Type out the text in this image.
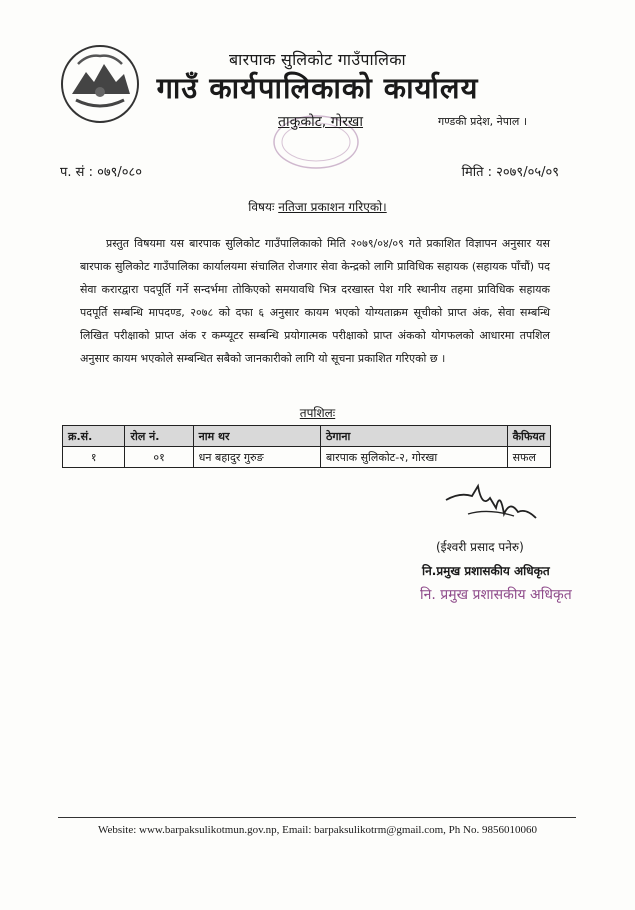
बारपाक सुलिकोट गाउँपालिका
गाउँ कार्यपालिकाको कार्यालय
ताकुकोट, गोरखा	गण्डकी प्रदेश, नेपाल ।
प. सं : ०७९/०८०	मिति : २०७९/०५/०९
विषयः नतिजा प्रकाशन गरिएको।
प्रस्तुत विषयमा यस बारपाक सुलिकोट गाउँपालिकाको मिति २०७९/०४/०९ गते प्रकाशित विज्ञापन अनुसार यस बारपाक सुलिकोट गाउँपालिका कार्यालयमा संचालित रोजगार सेवा केन्द्रको लागि प्राविधिक सहायक (सहायक पाँचौं) पद सेवा करारद्वारा पदपूर्ति गर्ने सन्दर्भमा तोकिएको समयावधि भित्र दरखास्त पेश गरि स्थानीय तहमा प्राविधिक सहायक पदपूर्ति सम्बन्धि मापदण्ड, २०७८ को दफा ६ अनुसार कायम भएको योग्यताक्रम सूचीको प्राप्त अंक, सेवा सम्बन्धि लिखित परीक्षाको प्राप्त अंक र कम्प्यूटर सम्बन्धि प्रयोगात्मक परीक्षाको प्राप्त अंकको योगफलको आधारमा तपशिल अनुसार कायम भएकोले सम्बन्धित सबैको जानकारीको लागि यो सूचना प्रकाशित गरिएको छ ।
तपशिलः
क्र.सं.	रोल नं.	नाम थर	ठेगाना	कैफियत
१	०१	धन बहादुर गुरुङ	बारपाक सुलिकोट-२, गोरखा	सफल
(ईश्वरी प्रसाद पनेरु)
नि.प्रमुख प्रशासकीय अधिकृत
नि. प्रमुख प्रशासकीय अधिकृत
Website: www.barpaksulikotmun.gov.np, Email: barpaksulikotrm@gmail.com, Ph No. 9856010060
